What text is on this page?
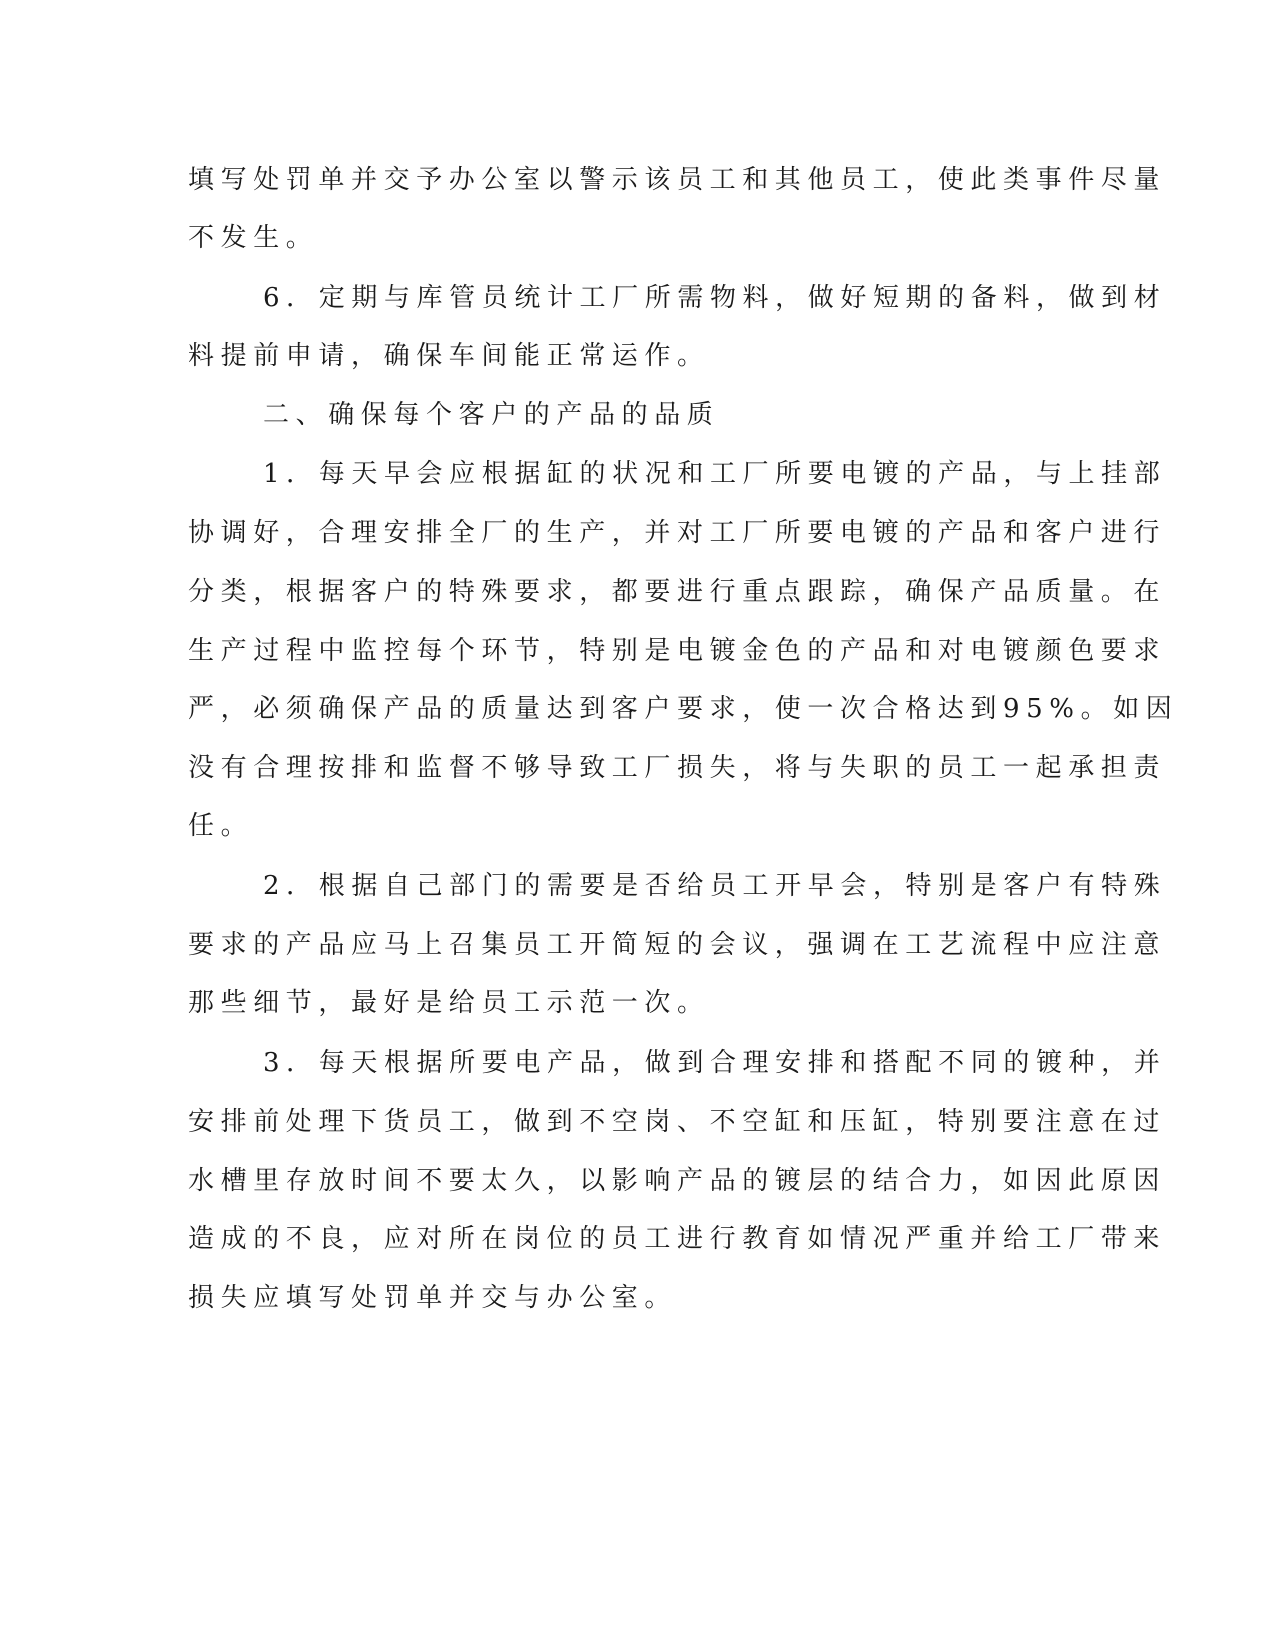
填写处罚单并交予办公室以警示该员工和其他员工，使此类事件尽量
不发生。
6．定期与库管员统计工厂所需物料，做好短期的备料，做到材
料提前申请，确保车间能正常运作。
二、确保每个客户的产品的品质
1．每天早会应根据缸的状况和工厂所要电镀的产品，与上挂部
协调好，合理安排全厂的生产，并对工厂所要电镀的产品和客户进行
分类，根据客户的特殊要求，都要进行重点跟踪，确保产品质量。在
生产过程中监控每个环节，特别是电镀金色的产品和对电镀颜色要求
严，必须确保产品的质量达到客户要求，使一次合格达到95%。如因
没有合理按排和监督不够导致工厂损失，将与失职的员工一起承担责
任。
2．根据自己部门的需要是否给员工开早会，特别是客户有特殊
要求的产品应马上召集员工开简短的会议，强调在工艺流程中应注意
那些细节，最好是给员工示范一次。
3．每天根据所要电产品，做到合理安排和搭配不同的镀种，并
安排前处理下货员工，做到不空岗、不空缸和压缸，特别要注意在过
水槽里存放时间不要太久，以影响产品的镀层的结合力，如因此原因
造成的不良，应对所在岗位的员工进行教育如情况严重并给工厂带来
损失应填写处罚单并交与办公室。
